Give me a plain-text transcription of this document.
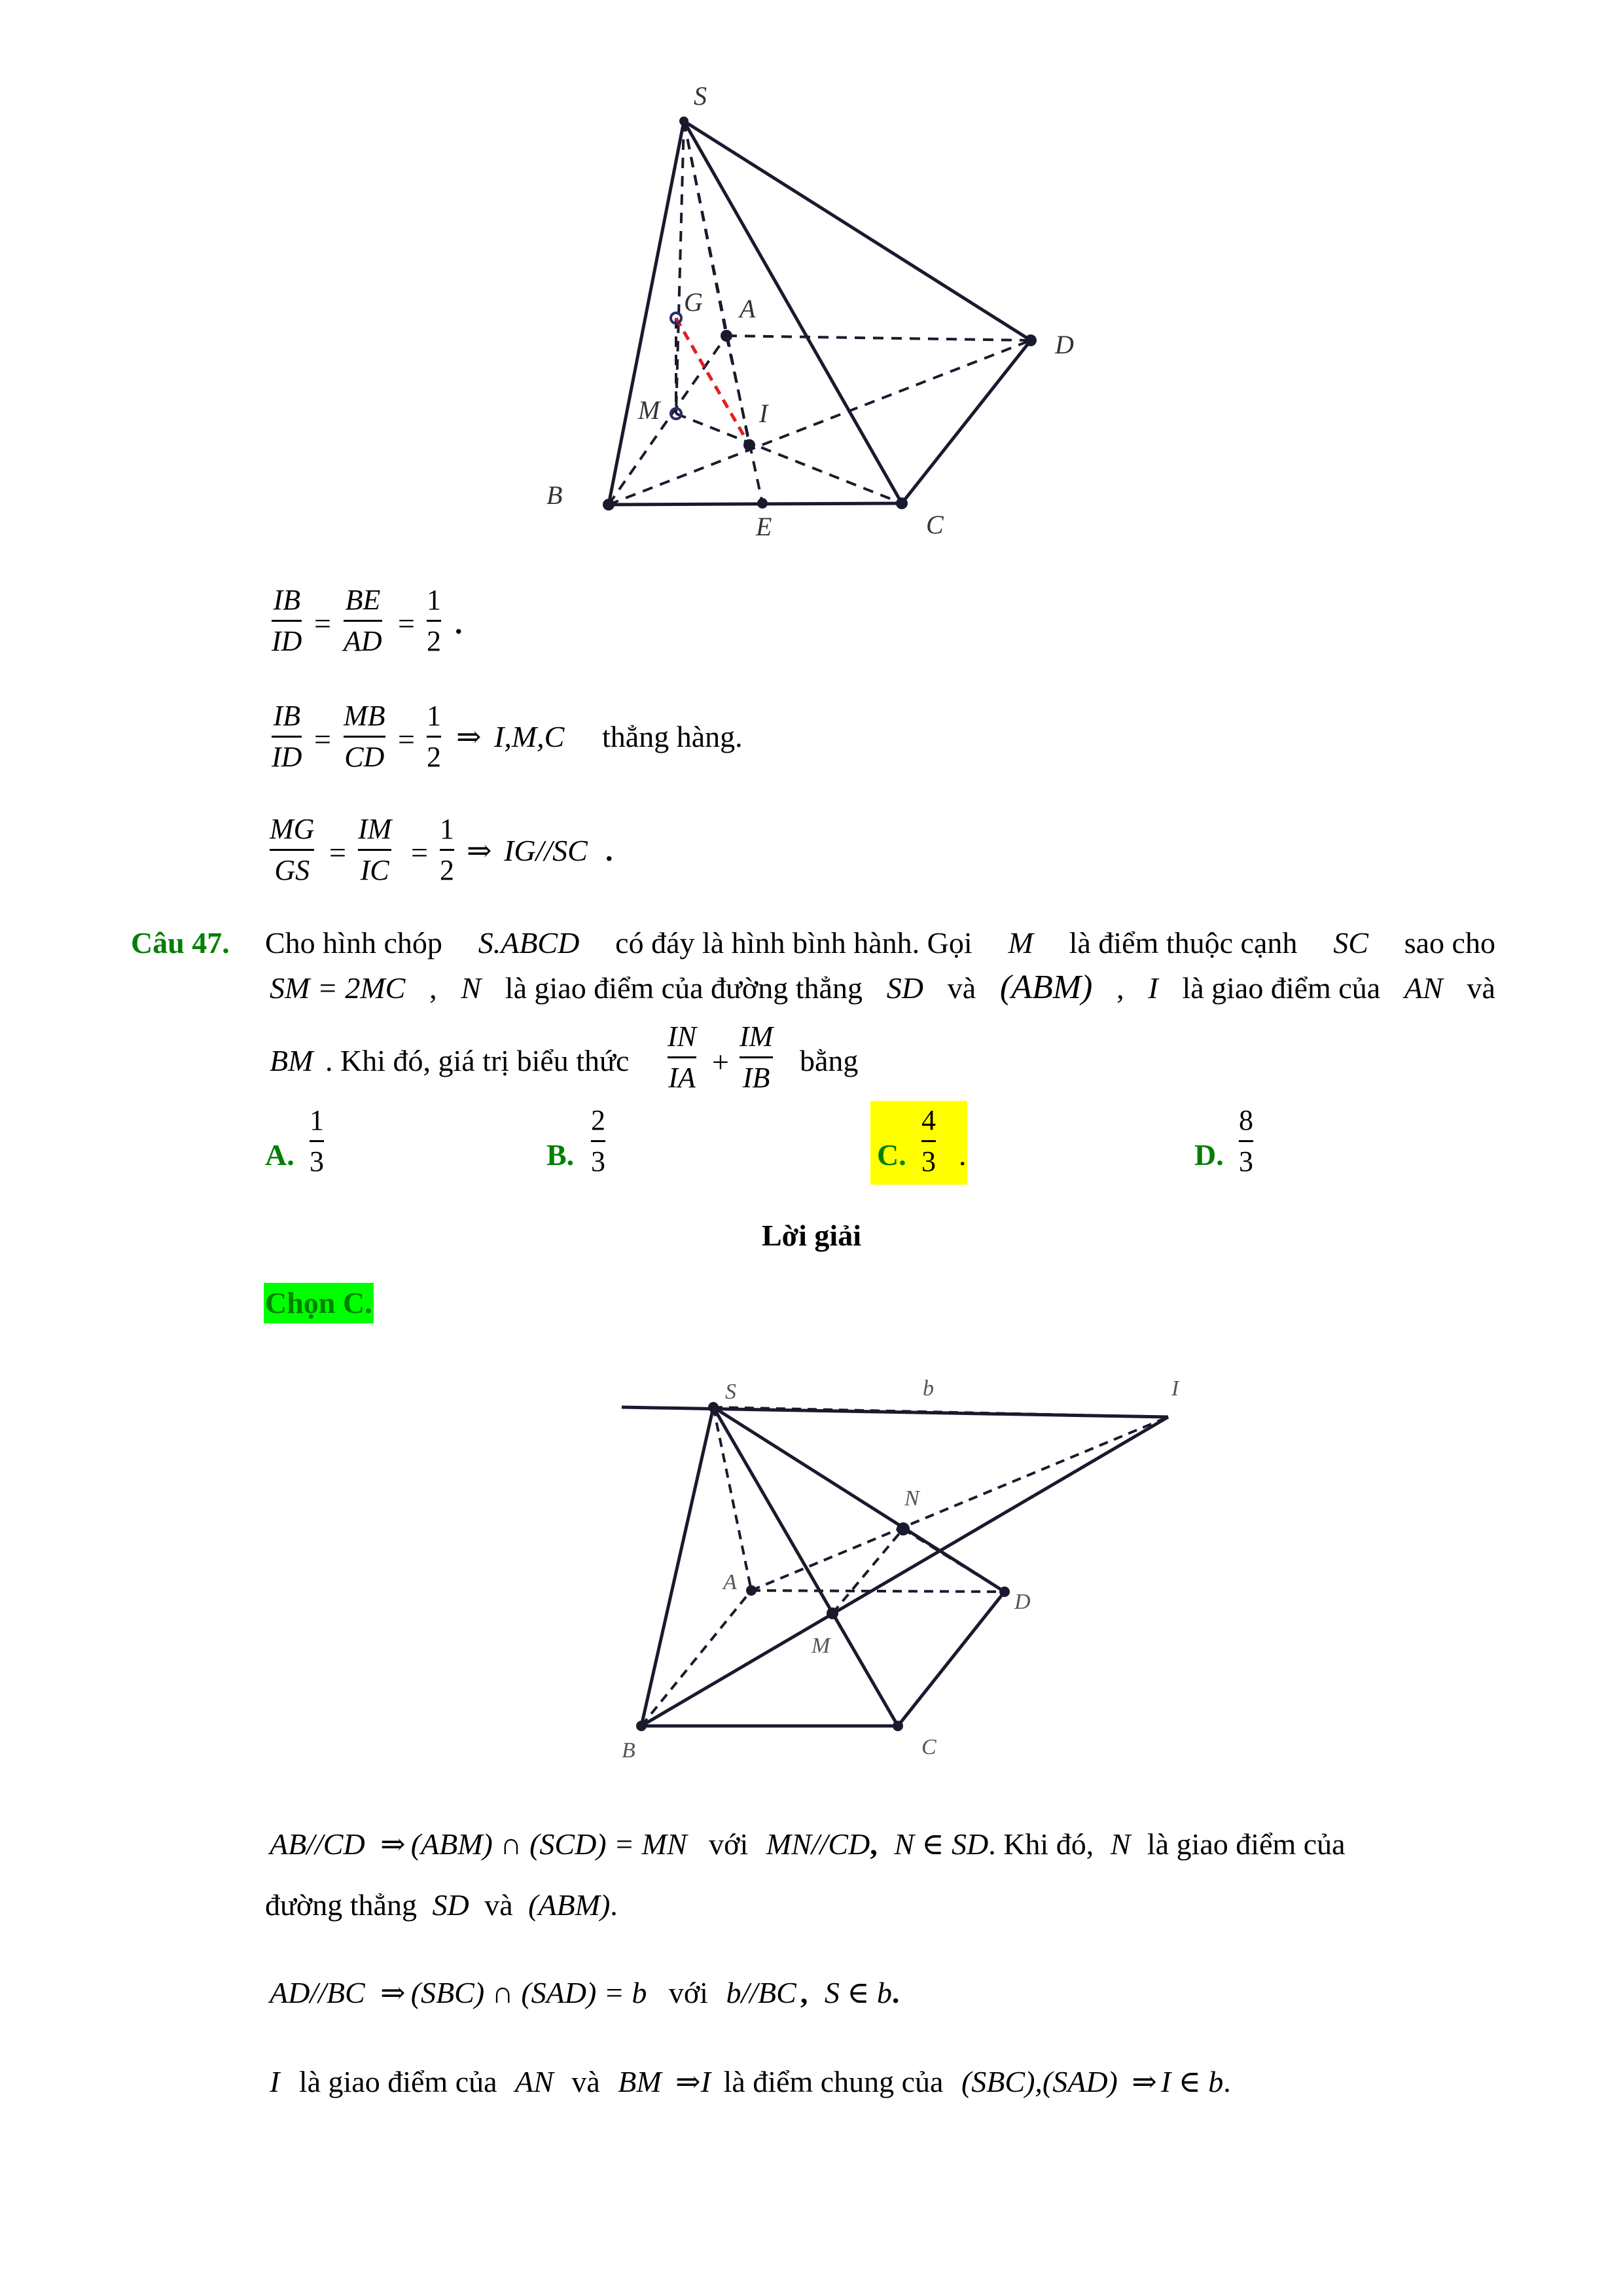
S
G A
D
M	I
B
E	C
$\frac{IB}{ID} = \frac{BE}{AD} = \frac{1}{2}$ .
$\frac{IB}{ID} = \frac{MB}{CD} = \frac{1}{2}$ ⇒ I,M,C thẳng hàng.
$\frac{MG}{GS} = \frac{IM}{IC} = \frac{1}{2}$ ⇒ IG//SC .
Câu 47. Cho hình chóp S.ABCD có đáy là hình bình hành. Gọi M là điểm thuộc cạnh SC sao cho
SM = 2MC , N là giao điểm của đường thẳng SD và (ABM) , I là giao điểm của AN và
BM . Khi đó, giá trị biểu thức $\frac{IN}{IA} + \frac{IM}{IB}$ bằng
A. $\frac{1}{3}$	B. $\frac{2}{3}$	C. $\frac{4}{3}$ .	D. $\frac{8}{3}$
Lời giải
Chọn C.
S	b	I
N
A
D
M
B	C
AB//CD ⇒ (ABM) ∩ (SCD) = MN với MN//CD, N ∈ SD. Khi đó, N là giao điểm của
đường thẳng SD và (ABM).
AD//BC ⇒ (SBC) ∩ (SAD) = b với b//BC , S ∈ b.
I là giao điểm của AN và BM ⇒I là điểm chung của (SBC),(SAD) ⇒ I ∈ b.
